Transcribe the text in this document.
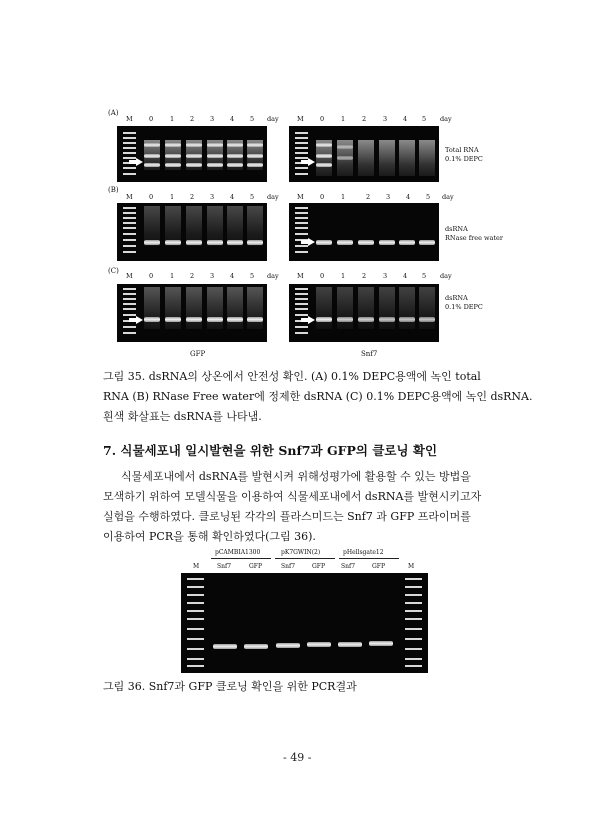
(A)
M	0	1 2 3 4 5 day	M	0	1	2	3 4 5 day
Total RNA
0.1% DEPC
(B)
M	0	1 2 3 4 5 day	M	0	1	2 3 4 5 day
dsRNA
RNase free water
(C)
M	0	1 2 3 4 5 day	M	0	1	2	3 4 5 day
dsRNA
0.1% DEPC
GFP	Snf7
그림 35. dsRNA의 상온에서 안전성 확인. (A) 0.1% DEPC용액에 녹인 total
RNA (B) RNase Free water에 정제한 dsRNA (C) 0.1% DEPC용액에 녹인 dsRNA.
흰색 화살표는 dsRNA를 나타냄.
7. 식물세포내 일시발현을 위한 Snf7과 GFP의 클로닝 확인
식물세포내에서 dsRNA를 발현시켜 위해성평가에 활용할 수 있는 방법을
모색하기 위하여 모델식물을 이용하여 식물세포내에서 dsRNA를 발현시키고자
실험을 수행하였다. 클로닝된 각각의 플라스미드는 Snf7 과 GFP 프라이머를
이용하여 PCR을 통해 확인하였다(그림 36).
pCAMBIA1300	pK7GWIN(2)	pHellsgate12
M	Snf7	GFP	Snf7	GFP	Snf7	GFP	M
그림 36. Snf7과 GFP 클로닝 확인을 위한 PCR결과
- 49 -
